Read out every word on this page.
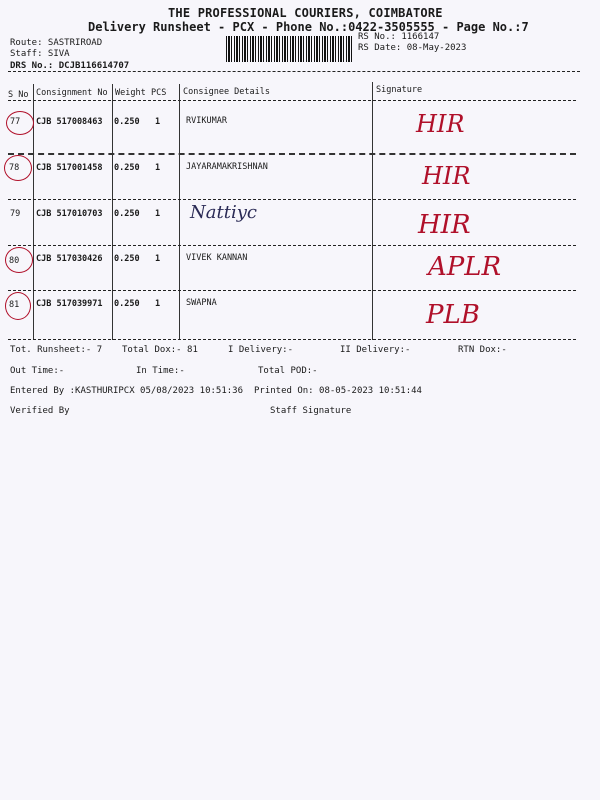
THE PROFESSIONAL COURIERS, COIMBATORE
Delivery Runsheet - PCX - Phone No.:0422-3505555 - Page No.:7
Route: SASTRIROAD
Staff: SIVA
DRS No.: DCJB116614707
RS No.: 1166147
RS Date: 08-May-2023
S No Consignment No Weight PCS Consignee Details	Signature
77 CJB 517008463 0.250 1	RVIKUMAR	HIR
78 CJB 517001458 0.250 1	JAYARAMAKRISHNAN	HIR
79 CJB 517010703 0.250 1 Nattiyc	HIR
80 CJB 517030426 0.250 1	VIVEK KANNAN	APLR
81 CJB 517039971 0.250 1	SWAPNA	PLB
Tot. Runsheet:- 7 Total Dox:- 81	I Delivery:-	II Delivery:-	RTN Dox:-
Out Time:-	In Time:-	Total POD:-
Entered By :KASTHURIPCX 05/08/2023 10:51:36 Printed On: 08-05-2023 10:51:44
Verified By	Staff Signature
